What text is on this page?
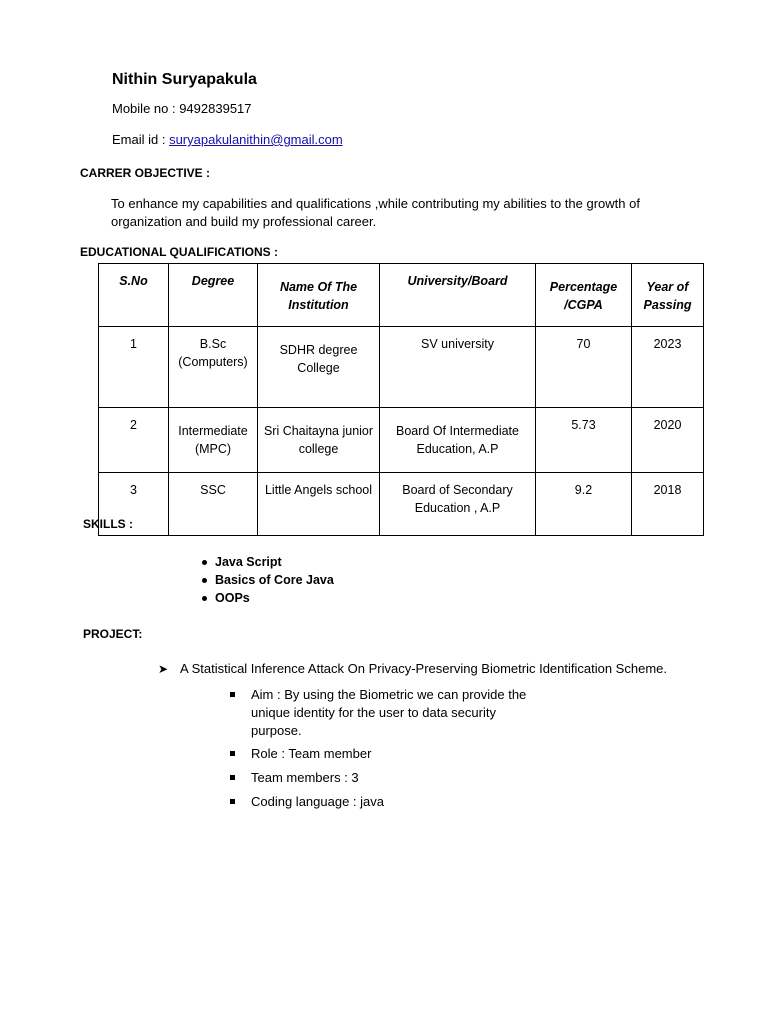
Nithin Suryapakula
Mobile no : 9492839517
Email id : suryapakulanithin@gmail.com
CARRER OBJECTIVE :
To enhance my capabilities and qualifications ,while contributing my abilities to the growth of organization and build my professional career.
EDUCATIONAL QUALIFICATIONS :
S.No	Degree	Name Of The Institution	University/Board	Percentage /CGPA	Year of Passing
1	B.Sc (Computers)	SDHR degree College	SV university	70	2023
2	Intermediate (MPC)	Sri Chaitayna junior college	Board Of Intermediate Education, A.P	5.73	2020
3	SSC	Little Angels school	Board of Secondary Education , A.P	9.2	2018
SKILLS :
Java Script
Basics of Core Java
OOPs
PROJECT:
➤ A Statistical Inference Attack On Privacy-Preserving Biometric Identification Scheme.
Aim : By using the Biometric we can provide the unique identity for the user to data security purpose.
Role : Team member
Team members : 3
Coding language : java
